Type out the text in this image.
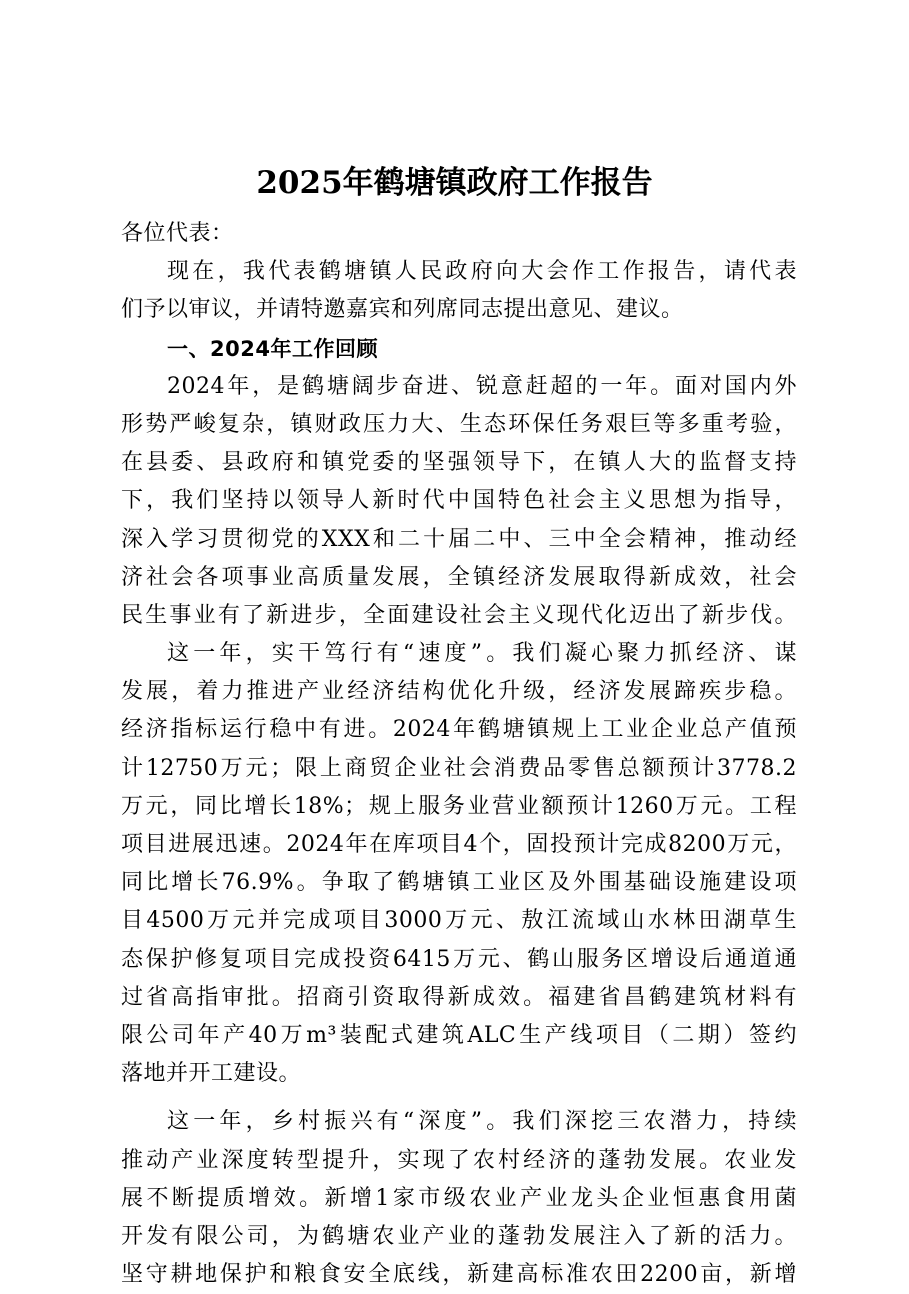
2025年鹤塘镇政府工作报告
各位代表：
现在，我代表鹤塘镇人民政府向大会作工作报告，请代表
们予以审议，并请特邀嘉宾和列席同志提出意见、建议。
一、2024年工作回顾
2024年，是鹤塘阔步奋进、锐意赶超的一年。面对国内外
形势严峻复杂，镇财政压力大、生态环保任务艰巨等多重考验，
在县委、县政府和镇党委的坚强领导下，在镇人大的监督支持
下，我们坚持以领导人新时代中国特色社会主义思想为指导，
深入学习贯彻党的XXX和二十届二中、三中全会精神，推动经
济社会各项事业高质量发展，全镇经济发展取得新成效，社会
民生事业有了新进步，全面建设社会主义现代化迈出了新步伐。
这一年，实干笃行有“速度”。我们凝心聚力抓经济、谋
发展，着力推进产业经济结构优化升级，经济发展蹄疾步稳。
经济指标运行稳中有进。2024年鹤塘镇规上工业企业总产值预
计12750万元；限上商贸企业社会消费品零售总额预计3778.2
万元，同比增长18%；规上服务业营业额预计1260万元。工程
项目进展迅速。2024年在库项目4个，固投预计完成8200万元，
同比增长76.9%。争取了鹤塘镇工业区及外围基础设施建设项
目4500万元并完成项目3000万元、敖江流域山水林田湖草生
态保护修复项目完成投资6415万元、鹤山服务区增设后通道通
过省高指审批。招商引资取得新成效。福建省昌鹤建筑材料有
限公司年产40万m³装配式建筑ALC生产线项目（二期）签约
落地并开工建设。
这一年，乡村振兴有“深度”。我们深挖三农潜力，持续
推动产业深度转型提升，实现了农村经济的蓬勃发展。农业发
展不断提质增效。新增1家市级农业产业龙头企业恒惠食用菌
开发有限公司，为鹤塘农业产业的蓬勃发展注入了新的活力。
坚守耕地保护和粮食安全底线，新建高标准农田2200亩，新增
